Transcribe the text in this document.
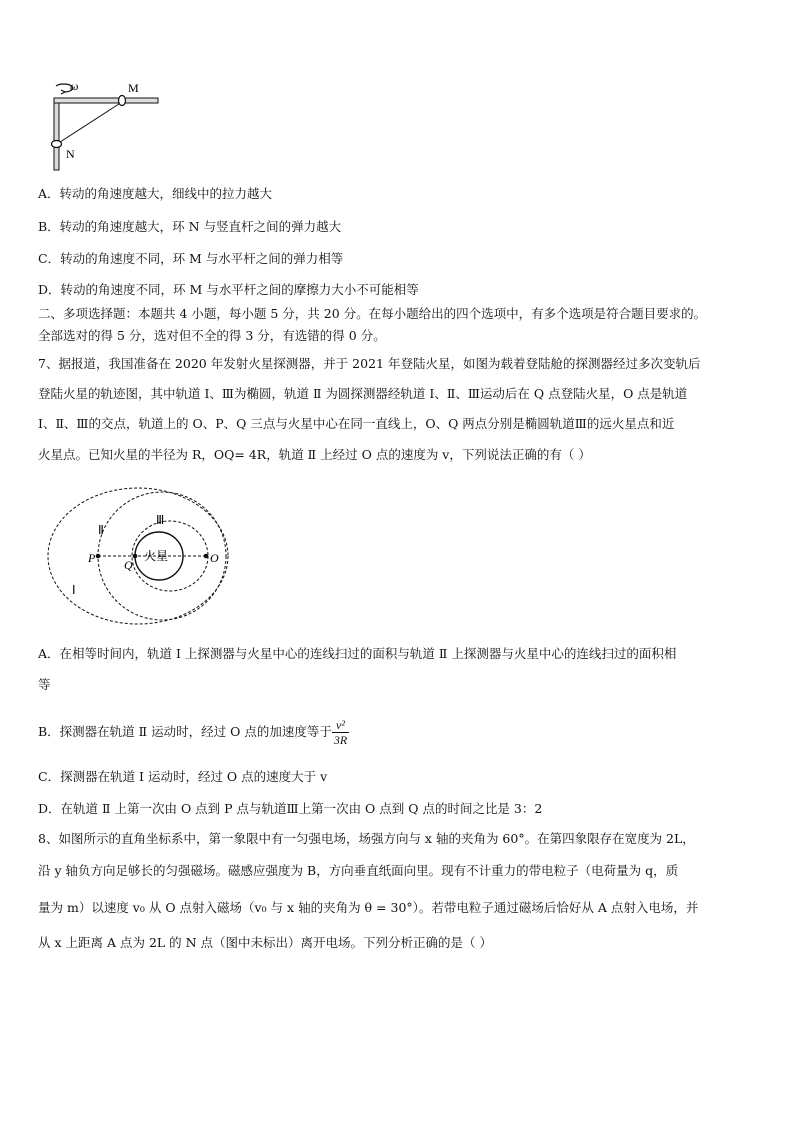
ω	M
N
A．转动的角速度越大，细线中的拉力越大
B．转动的角速度越大，环 N 与竖直杆之间的弹力越大
C．转动的角速度不同，环 M 与水平杆之间的弹力相等
D．转动的角速度不同，环 M 与水平杆之间的摩擦力大小不可能相等
二、多项选择题：本题共 4 小题，每小题 5 分，共 20 分。在每小题给出的四个选项中，有多个选项是符合题目要求的。
全部选对的得 5 分，选对但不全的得 3 分，有选错的得 0 分。
7、据报道，我国准备在 2020 年发射火星探测器，并于 2021 年登陆火星，如图为载着登陆舱的探测器经过多次变轨后
登陆火星的轨迹图，其中轨道 Ⅰ、Ⅲ为椭圆，轨道 Ⅱ 为圆探测器经轨道 Ⅰ、Ⅱ、Ⅲ运动后在 Q 点登陆火星，O 点是轨道
Ⅰ、Ⅱ、Ⅲ的交点，轨道上的 O、P、Q 三点与火星中心在同一直线上，O、Q 两点分别是椭圆轨道Ⅲ的远火星点和近
火星点。已知火星的半径为 R，OQ= 4R，轨道 Ⅱ 上经过 O 点的速度为 v，下列说法正确的有（ ）
火星
P Q	O
Ⅱ
Ⅲ
Ⅰ
A．在相等时间内，轨道 Ⅰ 上探测器与火星中心的连线扫过的面积与轨道 Ⅱ 上探测器与火星中心的连线扫过的面积相
等
B．探测器在轨道 Ⅱ 运动时，经过 O 点的加速度等于 $\frac{\text{v²}}{3R}$
C．探测器在轨道 Ⅰ 运动时，经过 O 点的速度大于 v
D．在轨道 Ⅱ 上第一次由 O 点到 P 点与轨道Ⅲ上第一次由 O 点到 Q 点的时间之比是 3：2
8、如图所示的直角坐标系中，第一象限中有一匀强电场，场强方向与 x 轴的夹角为 60°。在第四象限存在宽度为 2L，
沿 y 轴负方向足够长的匀强磁场。磁感应强度为 B，方向垂直纸面向里。现有不计重力的带电粒子（电荷量为 q，质
量为 m）以速度 v₀ 从 O 点射入磁场（v₀ 与 x 轴的夹角为 θ = 30°）。若带电粒子通过磁场后恰好从 A 点射入电场，并
从 x 上距离 A 点为 2L 的 N 点（图中未标出）离开电场。下列分析正确的是（ ）
